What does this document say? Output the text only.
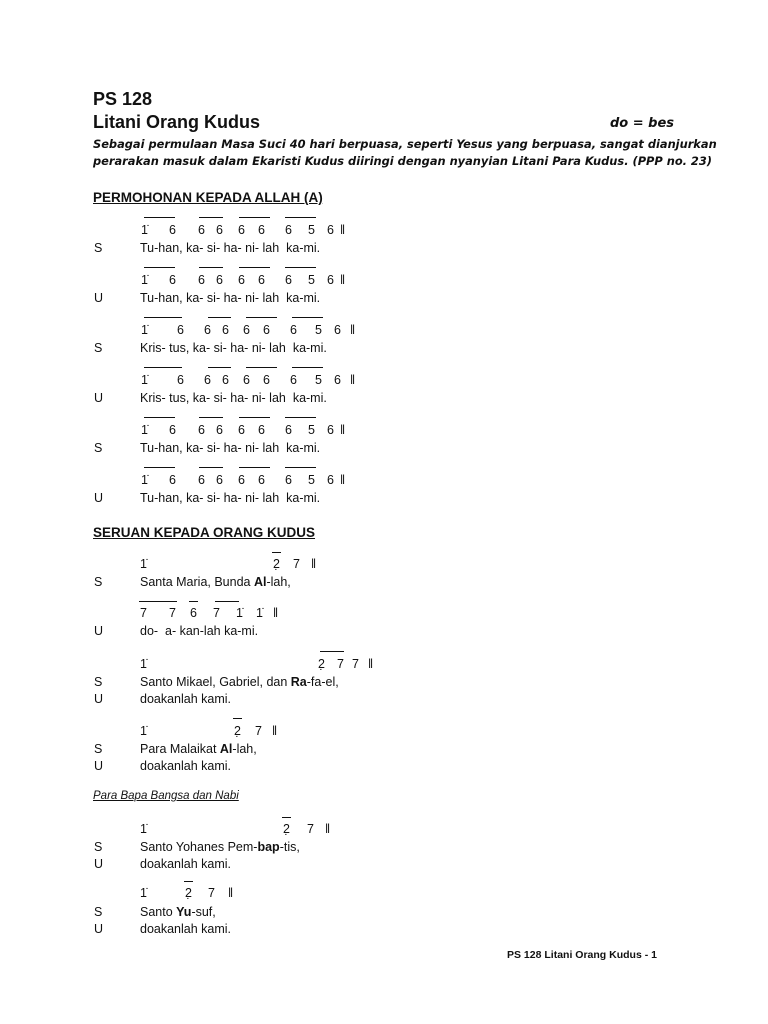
PS 128
Litani Orang Kudus	do = bes
Sebagai permulaan Masa Suci 40 hari berpuasa, seperti Yesus yang berpuasa, sangat dianjurkan
perarakan masuk dalam Ekaristi Kudus diiringi dengan nyanyian Litani Para Kudus. (PPP no. 23)
PERMOHONAN KEPADA ALLAH (A)
1̇ 6 6 6 6 6 6 5 6 ‖
S	Tu-han, ka- si- ha- ni- lah  ka-mi.
1̇ 6 6 6 6 6 6 5 6 ‖
U	Tu-han, ka- si- ha- ni- lah  ka-mi.
1̇ 6 6 6 6 6 6 5 6 ‖
S	Kris- tus, ka- si- ha- ni- lah  ka-mi.
1̇ 6 6 6 6 6 6 5 6 ‖
U	Kris- tus, ka- si- ha- ni- lah  ka-mi.
1̇ 6 6 6 6 6 6 5 6 ‖
S	Tu-han, ka- si- ha- ni- lah  ka-mi.
1̇ 6 6 6 6 6 6 5 6 ‖
U	Tu-han, ka- si- ha- ni- lah  ka-mi.
SERUAN KEPADA ORANG KUDUS
1̇	2̣ 7 ‖
S	Santa Maria, Bunda Al-lah,
7 7 6 7 1̇ 1̇ ‖
U	do-  a- kan-lah ka-mi.
1̇	2̣ 7 7 ‖
S	Santo Mikael, Gabriel, dan Ra-fa-el,
U	doakanlah kami.
1̇	2̣ 7 ‖
S	Para Malaikat Al-lah,
U	doakanlah kami.
Para Bapa Bangsa dan Nabi
1̇	2̣ 7 ‖
S	Santo Yohanes Pem-bap-tis,
U	doakanlah kami.
1̇	2̣ 7 ‖
S	Santo Yu-suf,
U	doakanlah kami.
PS 128 Litani Orang Kudus - 1
